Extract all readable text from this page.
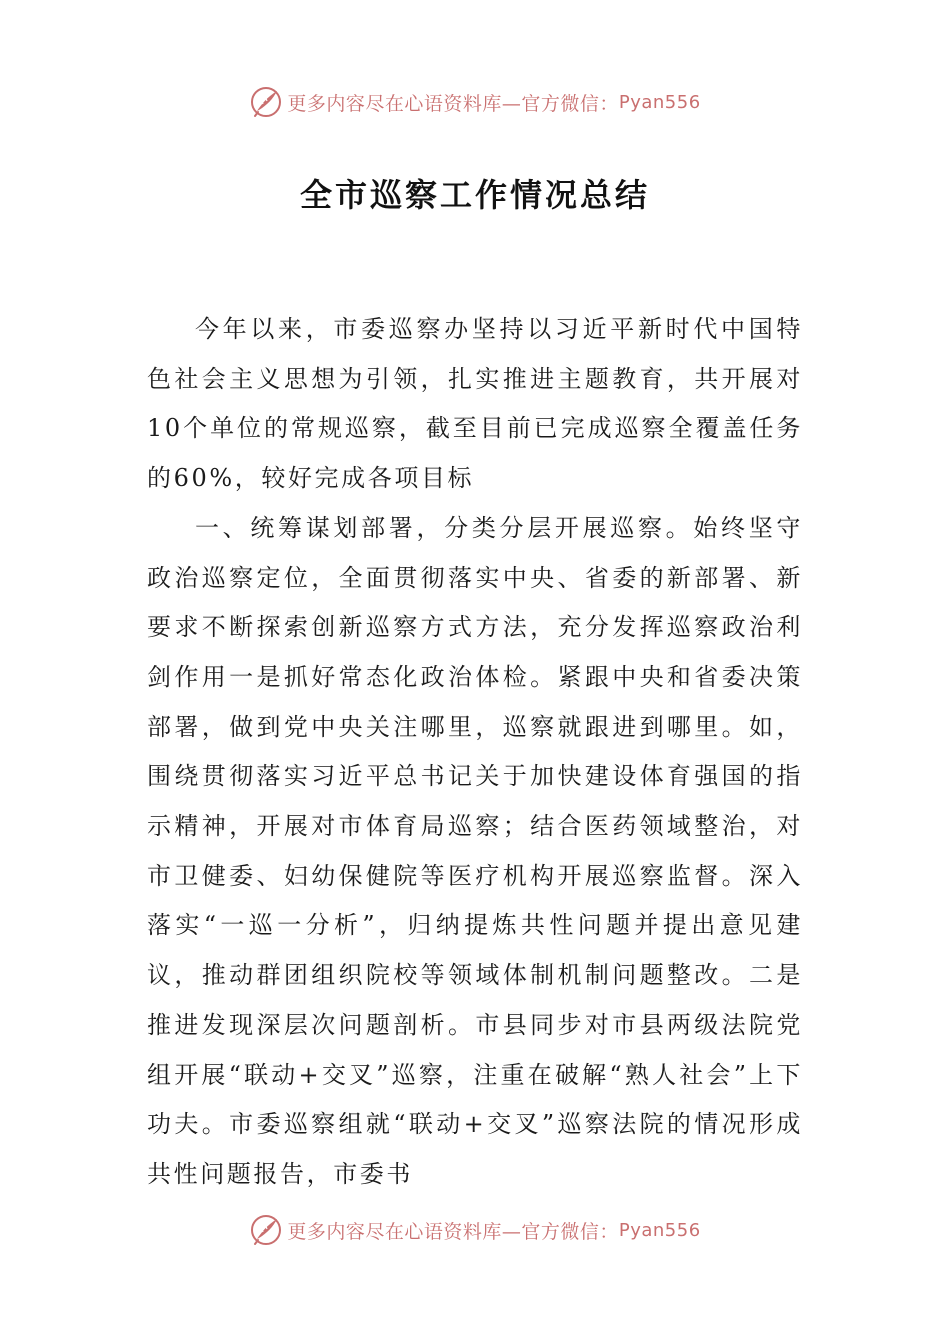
更多内容尽在心语资料库—官方微信： Pyan556
全市巡察工作情况总结

今年以来，市委巡察办坚持以习近平新时代中国特色社会主义思想为引领，扎实推进主题教育，共开展对10个单位的常规巡察，截至目前已完成巡察全覆盖任务的60%，较好完成各项目标

一、统筹谋划部署，分类分层开展巡察。始终坚守政治巡察定位，全面贯彻落实中央、省委的新部署、新要求不断探索创新巡察方式方法，充分发挥巡察政治利剑作用一是抓好常态化政治体检。紧跟中央和省委决策部署，做到党中央关注哪里，巡察就跟进到哪里。如，围绕贯彻落实习近平总书记关于加快建设体育强国的指示精神，开展对市体育局巡察；结合医药领域整治，对市卫健委、妇幼保健院等医疗机构开展巡察监督。深入落实“一巡一分析”，归纳提炼共性问题并提出意见建议，推动群团组织院校等领域体制机制问题整改。二是推进发现深层次问题剖析。市县同步对市县两级法院党组开展“联动+交叉”巡察，注重在破解“熟人社会”上下功夫。市委巡察组就“联动+交叉”巡察法院的情况形成共性问题报告，市委书

更多内容尽在心语资料库—官方微信： Pyan556
